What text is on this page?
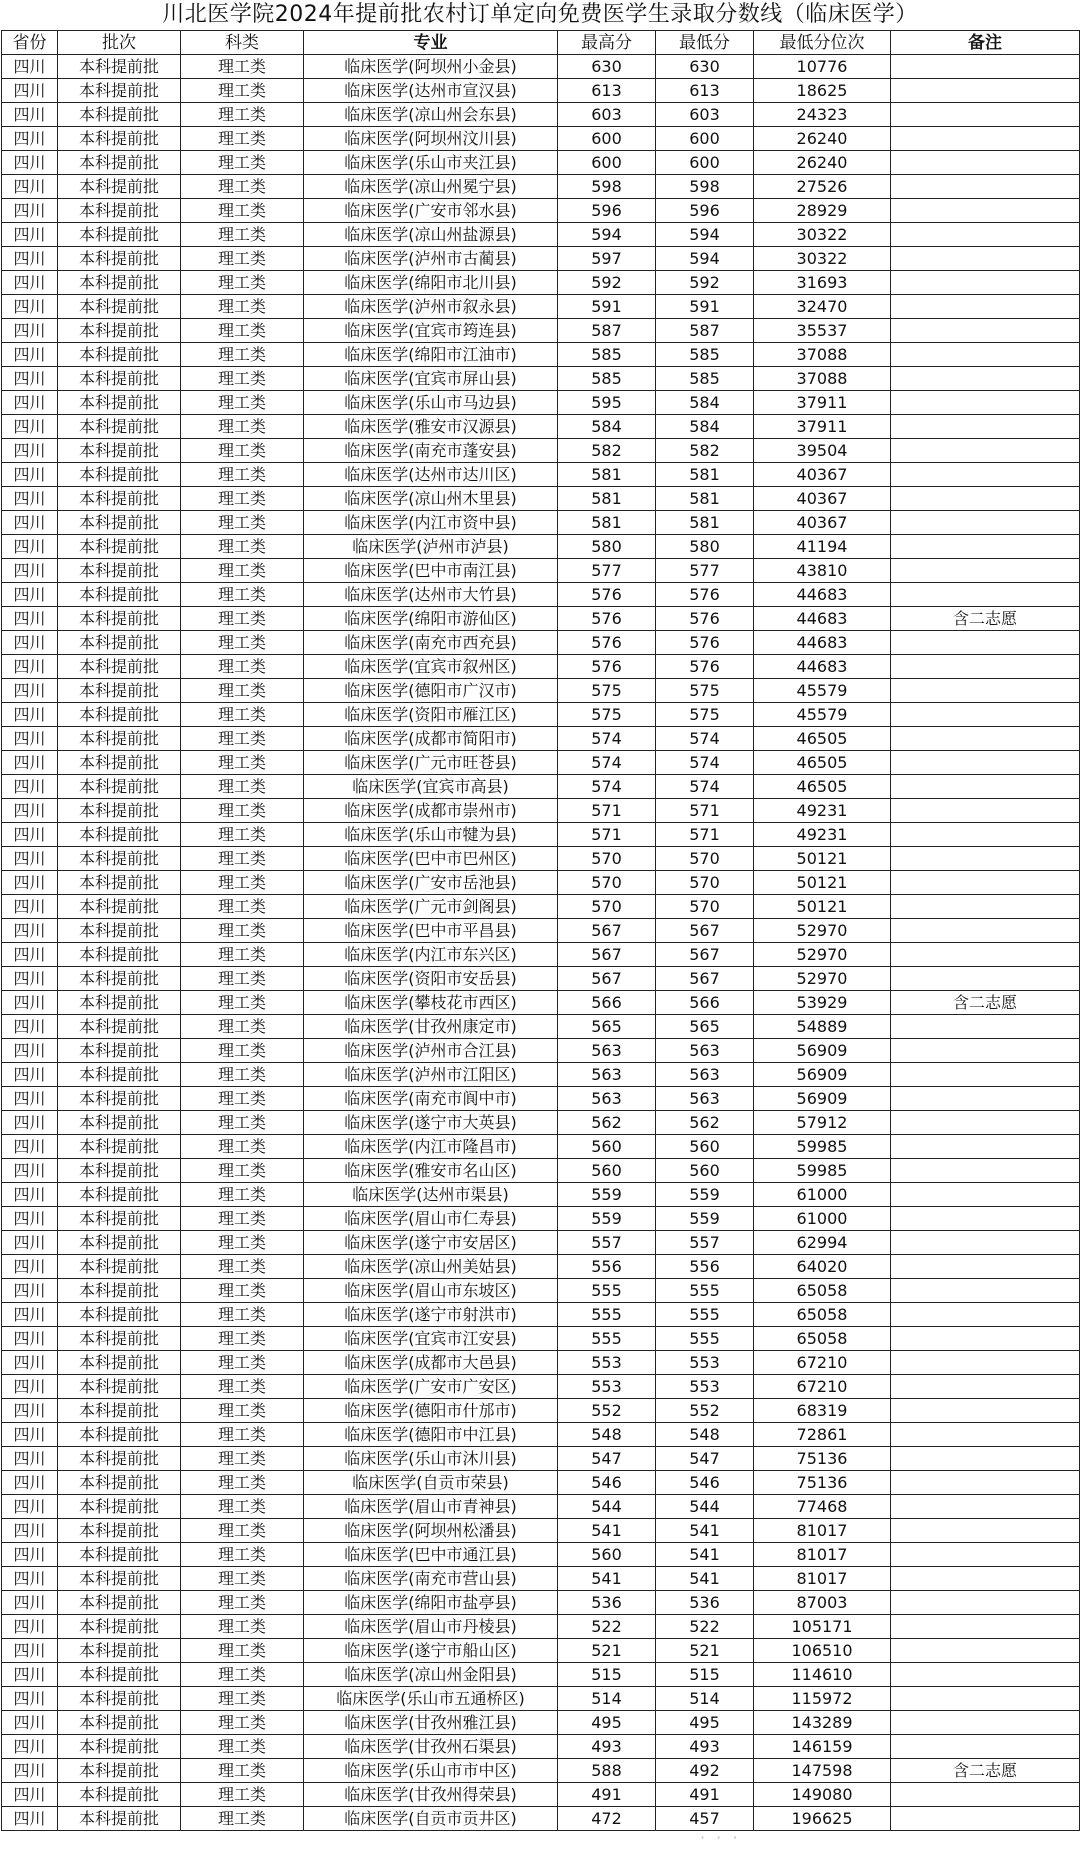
川北医学院2024年提前批农村订单定向免费医学生录取分数线（临床医学）
省份	批次	科类	专业	最高分	最低分	最低分位次	备注
四川	本科提前批	理工类	临床医学(阿坝州小金县)	630	630	10776	
四川	本科提前批	理工类	临床医学(达州市宣汉县)	613	613	18625	
四川	本科提前批	理工类	临床医学(凉山州会东县)	603	603	24323	
四川	本科提前批	理工类	临床医学(阿坝州汶川县)	600	600	26240	
四川	本科提前批	理工类	临床医学(乐山市夹江县)	600	600	26240	
四川	本科提前批	理工类	临床医学(凉山州冕宁县)	598	598	27526	
四川	本科提前批	理工类	临床医学(广安市邻水县)	596	596	28929	
四川	本科提前批	理工类	临床医学(凉山州盐源县)	594	594	30322	
四川	本科提前批	理工类	临床医学(泸州市古蔺县)	597	594	30322	
四川	本科提前批	理工类	临床医学(绵阳市北川县)	592	592	31693	
四川	本科提前批	理工类	临床医学(泸州市叙永县)	591	591	32470	
四川	本科提前批	理工类	临床医学(宜宾市筠连县)	587	587	35537	
四川	本科提前批	理工类	临床医学(绵阳市江油市)	585	585	37088	
四川	本科提前批	理工类	临床医学(宜宾市屏山县)	585	585	37088	
四川	本科提前批	理工类	临床医学(乐山市马边县)	595	584	37911	
四川	本科提前批	理工类	临床医学(雅安市汉源县)	584	584	37911	
四川	本科提前批	理工类	临床医学(南充市蓬安县)	582	582	39504	
四川	本科提前批	理工类	临床医学(达州市达川区)	581	581	40367	
四川	本科提前批	理工类	临床医学(凉山州木里县)	581	581	40367	
四川	本科提前批	理工类	临床医学(内江市资中县)	581	581	40367	
四川	本科提前批	理工类	临床医学(泸州市泸县)	580	580	41194	
四川	本科提前批	理工类	临床医学(巴中市南江县)	577	577	43810	
四川	本科提前批	理工类	临床医学(达州市大竹县)	576	576	44683	
四川	本科提前批	理工类	临床医学(绵阳市游仙区)	576	576	44683	含二志愿
四川	本科提前批	理工类	临床医学(南充市西充县)	576	576	44683	
四川	本科提前批	理工类	临床医学(宜宾市叙州区)	576	576	44683	
四川	本科提前批	理工类	临床医学(德阳市广汉市)	575	575	45579	
四川	本科提前批	理工类	临床医学(资阳市雁江区)	575	575	45579	
四川	本科提前批	理工类	临床医学(成都市简阳市)	574	574	46505	
四川	本科提前批	理工类	临床医学(广元市旺苍县)	574	574	46505	
四川	本科提前批	理工类	临床医学(宜宾市高县)	574	574	46505	
四川	本科提前批	理工类	临床医学(成都市崇州市)	571	571	49231	
四川	本科提前批	理工类	临床医学(乐山市犍为县)	571	571	49231	
四川	本科提前批	理工类	临床医学(巴中市巴州区)	570	570	50121	
四川	本科提前批	理工类	临床医学(广安市岳池县)	570	570	50121	
四川	本科提前批	理工类	临床医学(广元市剑阁县)	570	570	50121	
四川	本科提前批	理工类	临床医学(巴中市平昌县)	567	567	52970	
四川	本科提前批	理工类	临床医学(内江市东兴区)	567	567	52970	
四川	本科提前批	理工类	临床医学(资阳市安岳县)	567	567	52970	
四川	本科提前批	理工类	临床医学(攀枝花市西区)	566	566	53929	含二志愿
四川	本科提前批	理工类	临床医学(甘孜州康定市)	565	565	54889	
四川	本科提前批	理工类	临床医学(泸州市合江县)	563	563	56909	
四川	本科提前批	理工类	临床医学(泸州市江阳区)	563	563	56909	
四川	本科提前批	理工类	临床医学(南充市阆中市)	563	563	56909	
四川	本科提前批	理工类	临床医学(遂宁市大英县)	562	562	57912	
四川	本科提前批	理工类	临床医学(内江市隆昌市)	560	560	59985	
四川	本科提前批	理工类	临床医学(雅安市名山区)	560	560	59985	
四川	本科提前批	理工类	临床医学(达州市渠县)	559	559	61000	
四川	本科提前批	理工类	临床医学(眉山市仁寿县)	559	559	61000	
四川	本科提前批	理工类	临床医学(遂宁市安居区)	557	557	62994	
四川	本科提前批	理工类	临床医学(凉山州美姑县)	556	556	64020	
四川	本科提前批	理工类	临床医学(眉山市东坡区)	555	555	65058	
四川	本科提前批	理工类	临床医学(遂宁市射洪市)	555	555	65058	
四川	本科提前批	理工类	临床医学(宜宾市江安县)	555	555	65058	
四川	本科提前批	理工类	临床医学(成都市大邑县)	553	553	67210	
四川	本科提前批	理工类	临床医学(广安市广安区)	553	553	67210	
四川	本科提前批	理工类	临床医学(德阳市什邡市)	552	552	68319	
四川	本科提前批	理工类	临床医学(德阳市中江县)	548	548	72861	
四川	本科提前批	理工类	临床医学(乐山市沐川县)	547	547	75136	
四川	本科提前批	理工类	临床医学(自贡市荣县)	546	546	75136	
四川	本科提前批	理工类	临床医学(眉山市青神县)	544	544	77468	
四川	本科提前批	理工类	临床医学(阿坝州松潘县)	541	541	81017	
四川	本科提前批	理工类	临床医学(巴中市通江县)	560	541	81017	
四川	本科提前批	理工类	临床医学(南充市营山县)	541	541	81017	
四川	本科提前批	理工类	临床医学(绵阳市盐亭县)	536	536	87003	
四川	本科提前批	理工类	临床医学(眉山市丹棱县)	522	522	105171	
四川	本科提前批	理工类	临床医学(遂宁市船山区)	521	521	106510	
四川	本科提前批	理工类	临床医学(凉山州金阳县)	515	515	114610	
四川	本科提前批	理工类	临床医学(乐山市五通桥区)	514	514	115972	
四川	本科提前批	理工类	临床医学(甘孜州雅江县)	495	495	143289	
四川	本科提前批	理工类	临床医学(甘孜州石渠县)	493	493	146159	
四川	本科提前批	理工类	临床医学(乐山市市中区)	588	492	147598	含二志愿
四川	本科提前批	理工类	临床医学(甘孜州得荣县)	491	491	149080	
四川	本科提前批	理工类	临床医学(自贡市贡井区)	472	457	196625	
· · ·
